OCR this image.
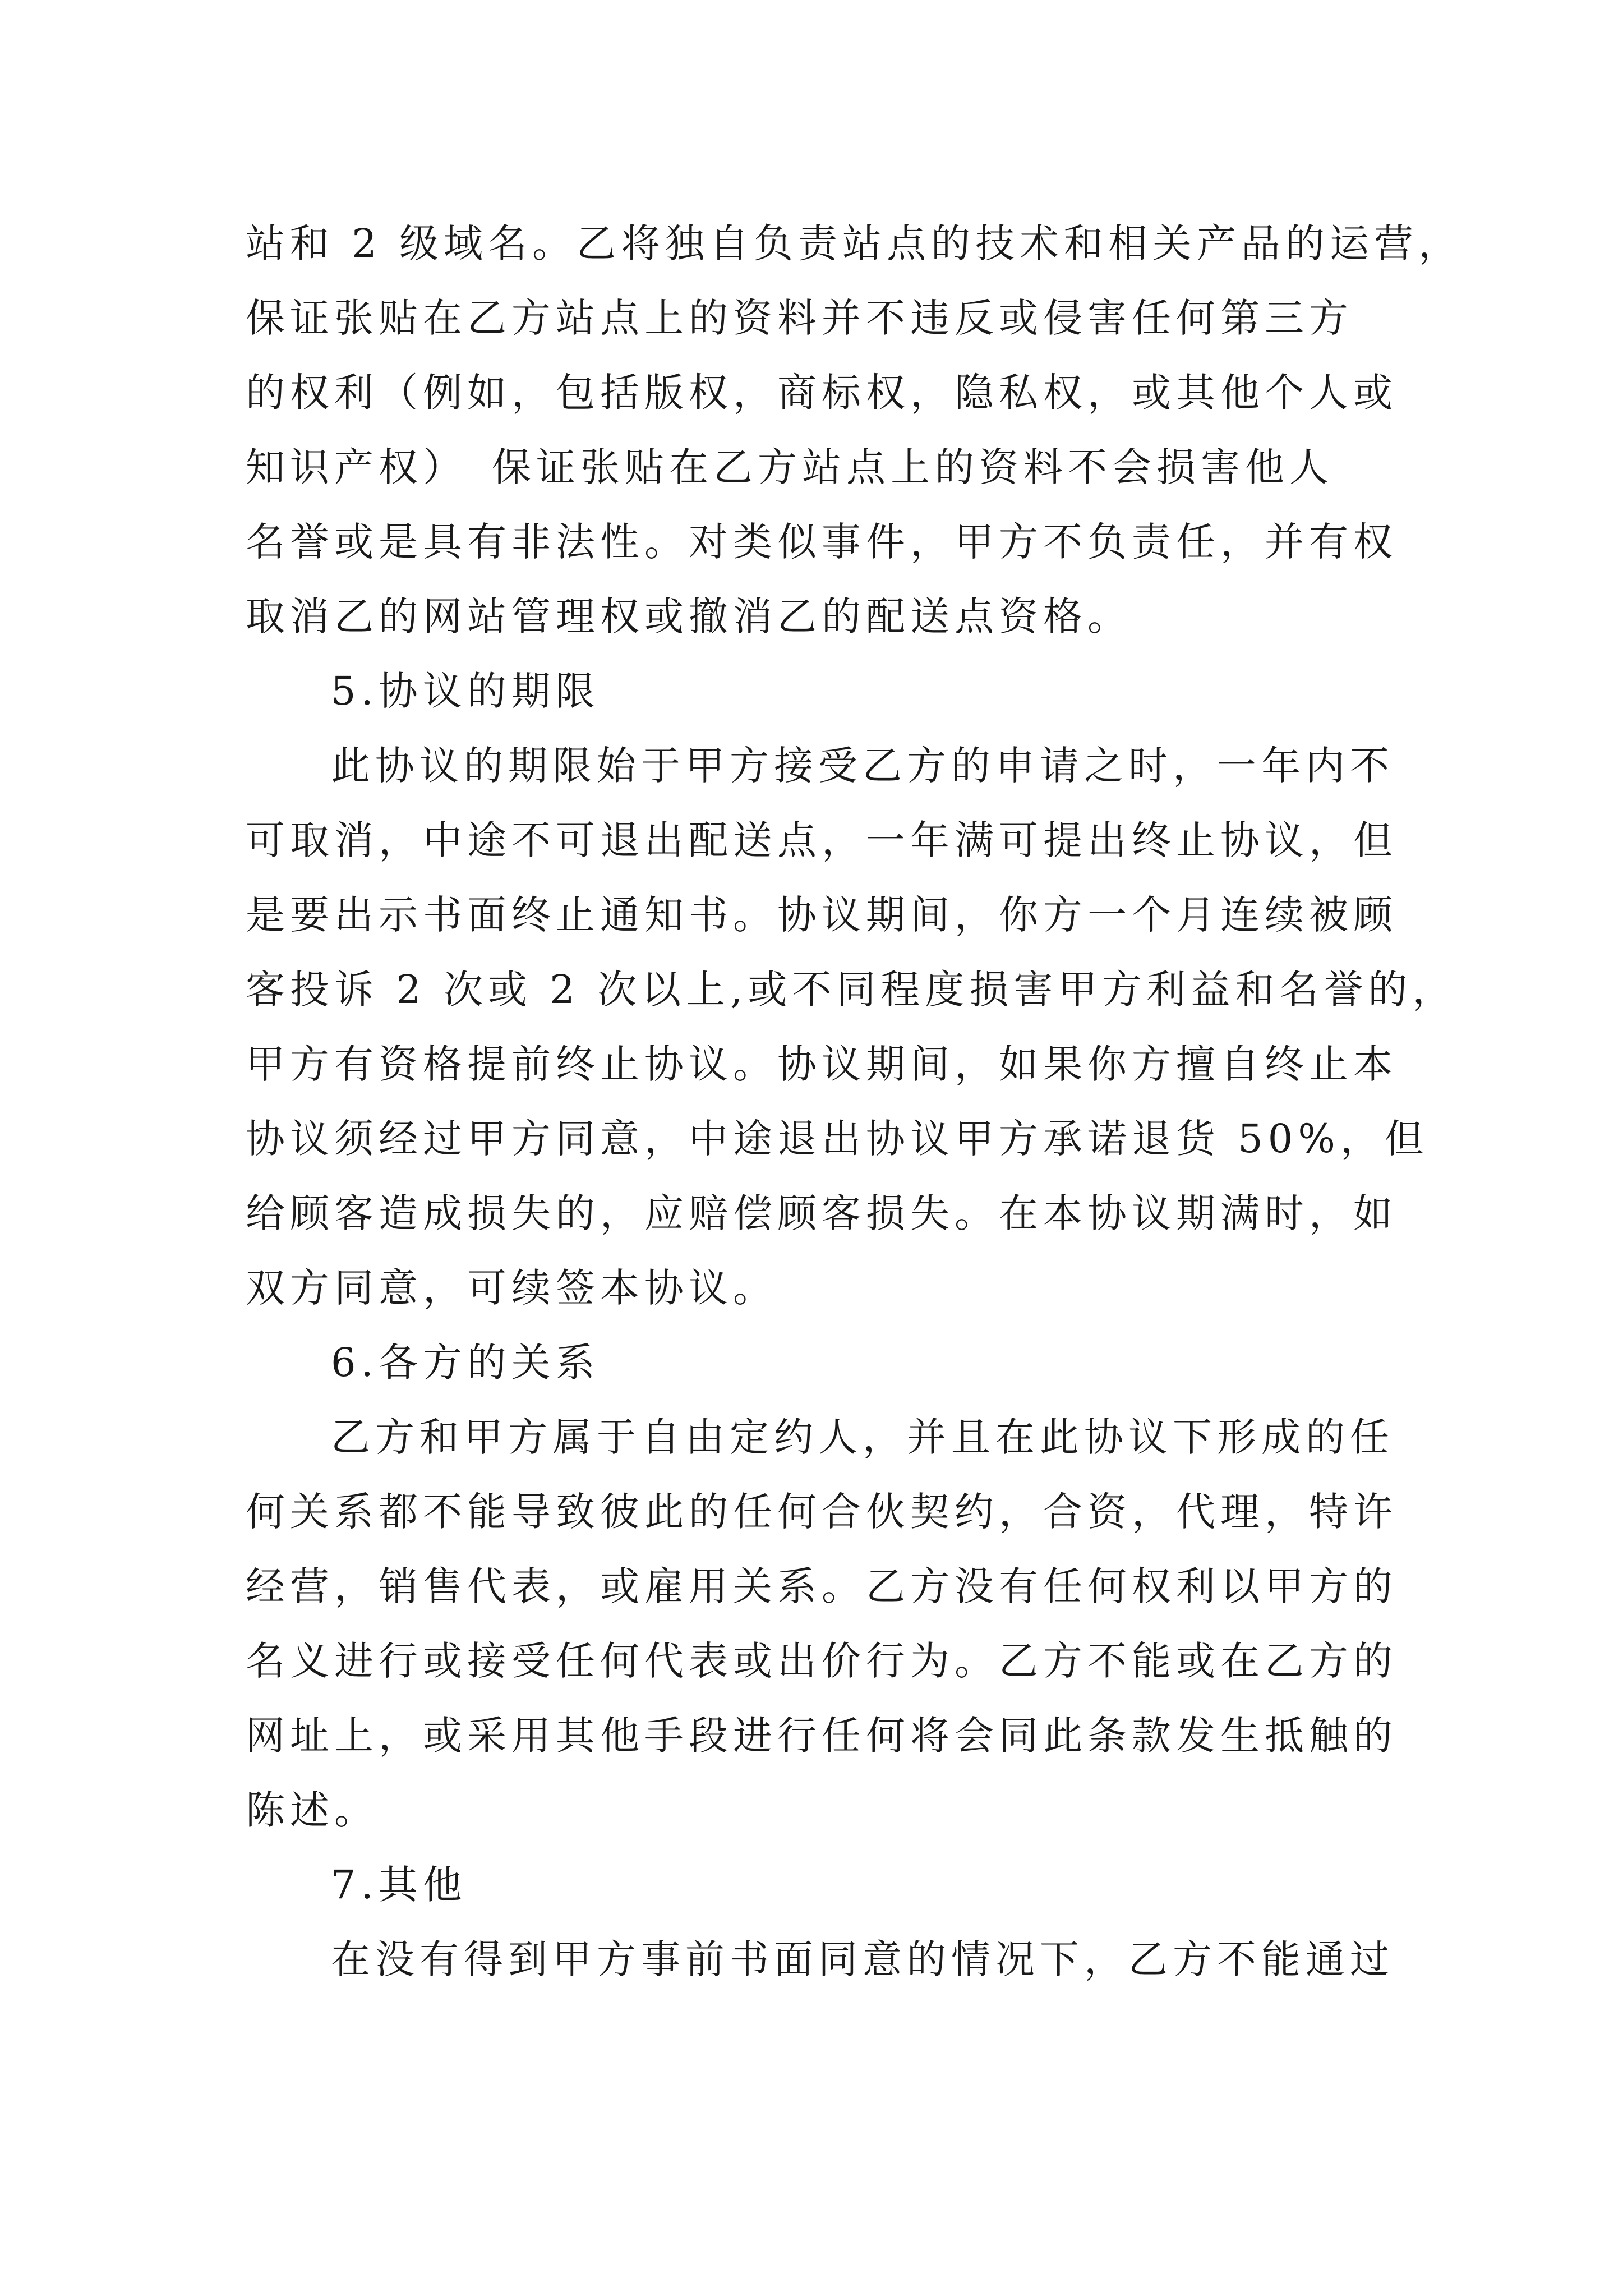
站和 2 级域名。乙将独自负责站点的技术和相关产品的运营，
保证张贴在乙方站点上的资料并不违反或侵害任何第三方
的权利（例如，包括版权，商标权，隐私权，或其他个人或
知识产权）　保证张贴在乙方站点上的资料不会损害他人
名誉或是具有非法性。对类似事件，甲方不负责任，并有权
取消乙的网站管理权或撤消乙的配送点资格。
5.协议的期限
此协议的期限始于甲方接受乙方的申请之时，一年内不
可取消，中途不可退出配送点，一年满可提出终止协议，但
是要出示书面终止通知书。协议期间，你方一个月连续被顾
客投诉 2 次或 2 次以上,或不同程度损害甲方利益和名誉的，
甲方有资格提前终止协议。协议期间，如果你方擅自终止本
协议须经过甲方同意，中途退出协议甲方承诺退货 50%，但
给顾客造成损失的，应赔偿顾客损失。在本协议期满时，如
双方同意，可续签本协议。
6.各方的关系
乙方和甲方属于自由定约人，并且在此协议下形成的任
何关系都不能导致彼此的任何合伙契约，合资，代理，特许
经营，销售代表，或雇用关系。乙方没有任何权利以甲方的
名义进行或接受任何代表或出价行为。乙方不能或在乙方的
网址上，或采用其他手段进行任何将会同此条款发生抵触的
陈述。
7.其他
在没有得到甲方事前书面同意的情况下，乙方不能通过
